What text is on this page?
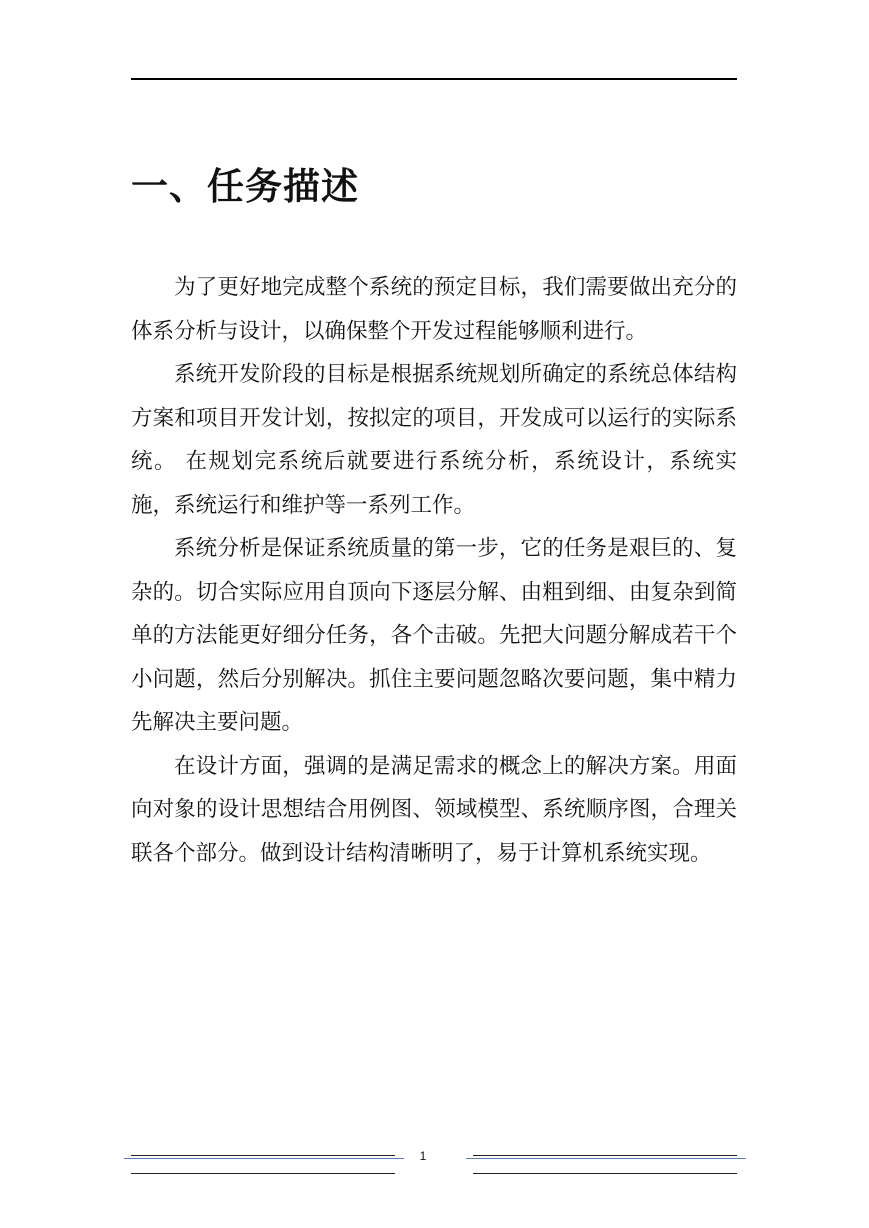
一、任务描述

为了更好地完成整个系统的预定目标，我们需要做出充分的体系分析与设计，以确保整个开发过程能够顺利进行。

系统开发阶段的目标是根据系统规划所确定的系统总体结构方案和项目开发计划，按拟定的项目，开发成可以运行的实际系统。 在规划完系统后就要进行系统分析，系统设计，系统实施，系统运行和维护等一系列工作。

系统分析是保证系统质量的第一步，它的任务是艰巨的、复杂的。切合实际应用自顶向下逐层分解、由粗到细、由复杂到简单的方法能更好细分任务，各个击破。先把大问题分解成若干个小问题，然后分别解决。抓住主要问题忽略次要问题，集中精力先解决主要问题。

在设计方面，强调的是满足需求的概念上的解决方案。用面向对象的设计思想结合用例图、领域模型、系统顺序图，合理关联各个部分。做到设计结构清晰明了，易于计算机系统实现。

1
